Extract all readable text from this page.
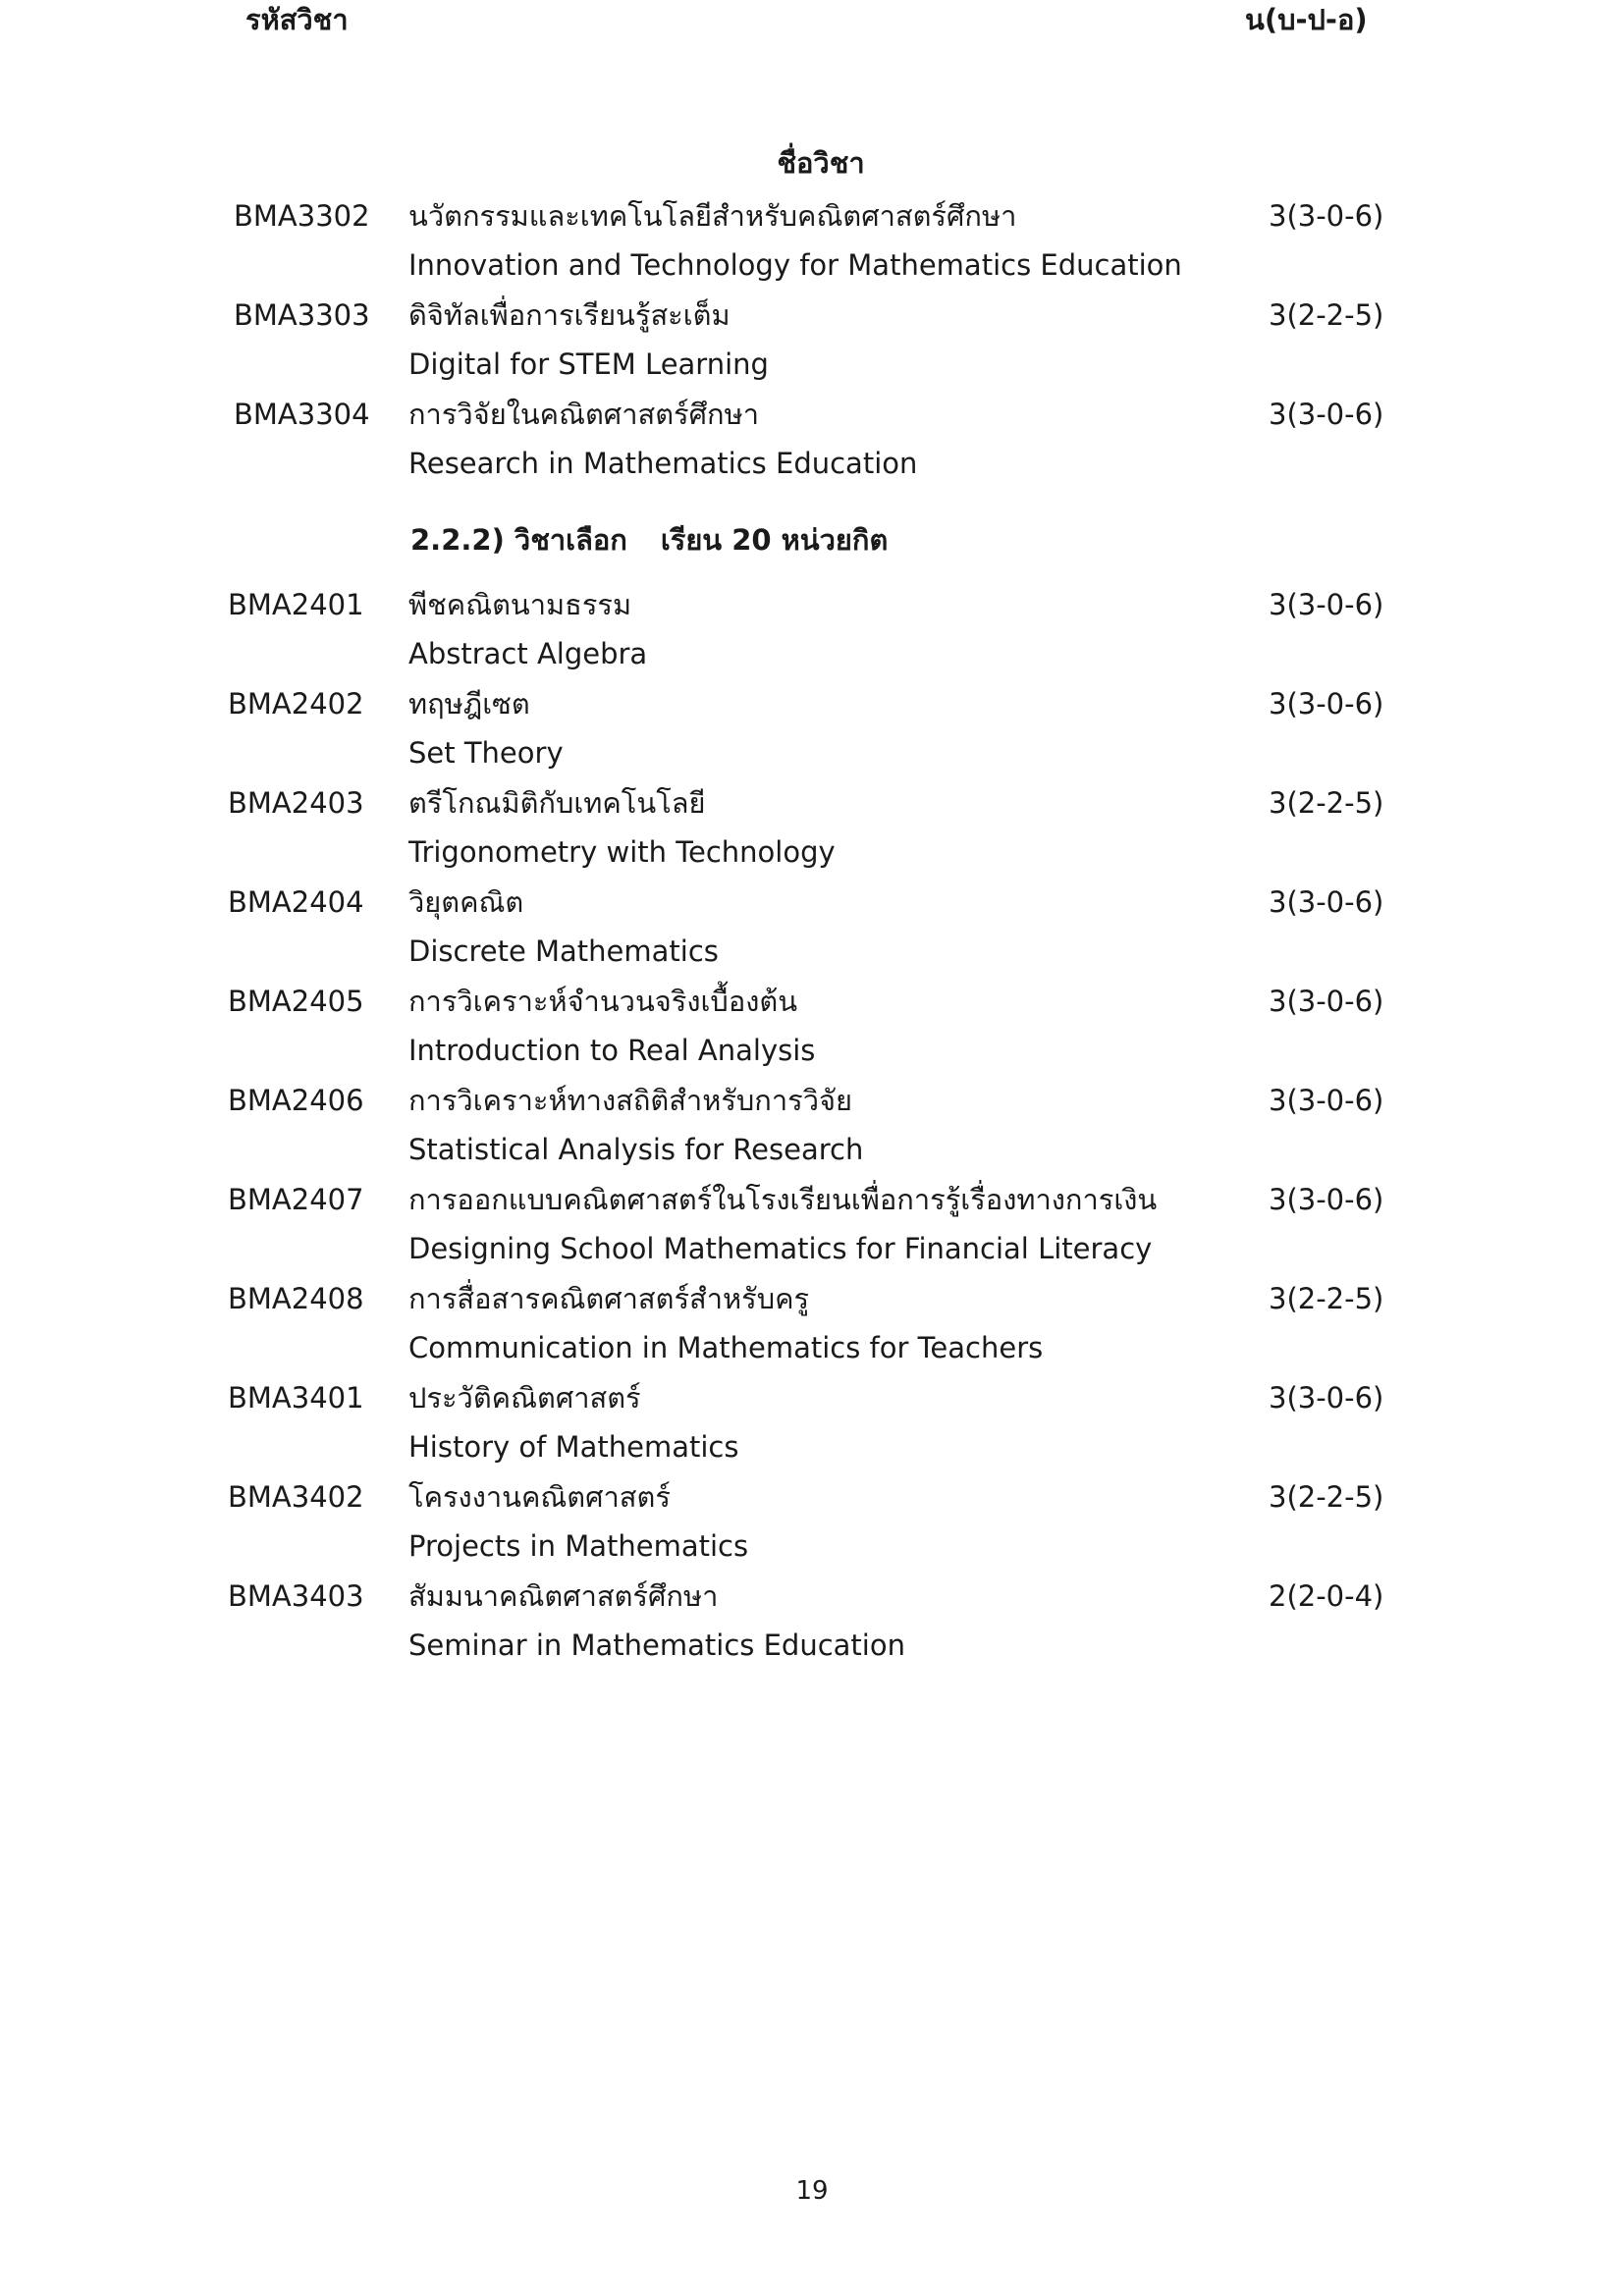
รหัสวิชา
ชื่อวิชา
น(บ-ป-อ)
BMA3302 นวัตกรรมและเทคโนโลยีสำหรับคณิตศาสตร์ศึกษา
Innovation and Technology for Mathematics Education
3(3-0-6)
BMA3303 ดิจิทัลเพื่อการเรียนรู้สะเต็ม
Digital for STEM Learning
3(2-2-5)
BMA3304 การวิจัยในคณิตศาสตร์ศึกษา
Research in Mathematics Education
3(3-0-6)
2.2.2) วิชาเลือก เรียน 20 หน่วยกิต
BMA2401 พีชคณิตนามธรรม
Abstract Algebra
3(3-0-6)
BMA2402 ทฤษฎีเซต
Set Theory
3(3-0-6)
BMA2403 ตรีโกณมิติกับเทคโนโลยี
Trigonometry with Technology
3(2-2-5)
BMA2404 วิยุตคณิต
Discrete Mathematics
3(3-0-6)
BMA2405 การวิเคราะห์จำนวนจริงเบื้องต้น
Introduction to Real Analysis
3(3-0-6)
BMA2406 การวิเคราะห์ทางสถิติสำหรับการวิจัย
Statistical Analysis for Research
3(3-0-6)
BMA2407 การออกแบบคณิตศาสตร์ในโรงเรียนเพื่อการรู้เรื่องทางการเงิน
Designing School Mathematics for Financial Literacy
3(3-0-6)
BMA2408 การสื่อสารคณิตศาสตร์สำหรับครู
Communication in Mathematics for Teachers
3(2-2-5)
BMA3401 ประวัติคณิตศาสตร์
History of Mathematics
3(3-0-6)
BMA3402 โครงงานคณิตศาสตร์
Projects in Mathematics
3(2-2-5)
BMA3403 สัมมนาคณิตศาสตร์ศึกษา
Seminar in Mathematics Education
2(2-0-4)
19
